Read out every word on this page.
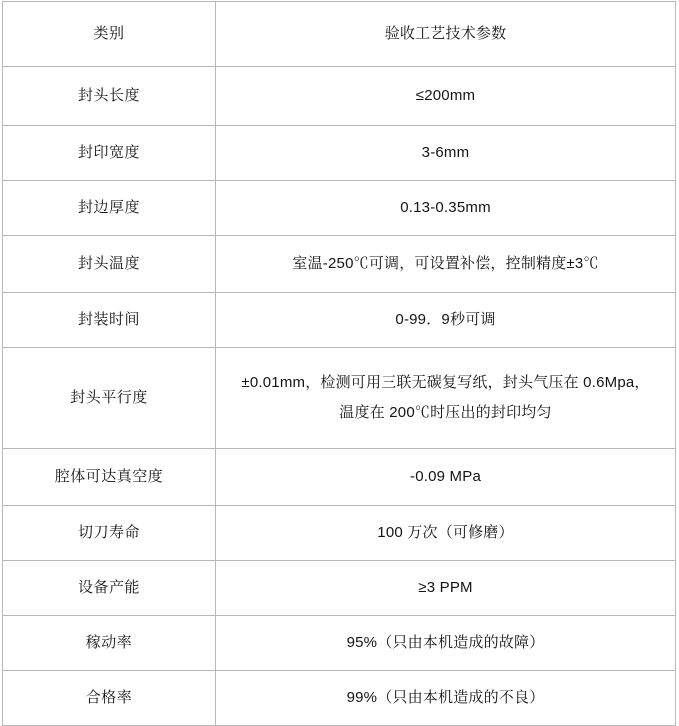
类别	验收工艺技术参数
封头长度	≤200mm
封印宽度	3-6mm
封边厚度	0.13-0.35mm
封头温度	室温-250℃可调，可设置补偿，控制精度±3℃
封装时间	0-99．9秒可调
封头平行度	±0.01mm，检测可用三联无碳复写纸，封头气压在 0.6Mpa，
温度在 200℃时压出的封印均匀

腔体可达真空度	-0.09 MPa
切刀寿命	100 万次（可修磨）
设备产能	≥3 PPM
稼动率	95%（只由本机造成的故障）
合格率	99%（只由本机造成的不良）
